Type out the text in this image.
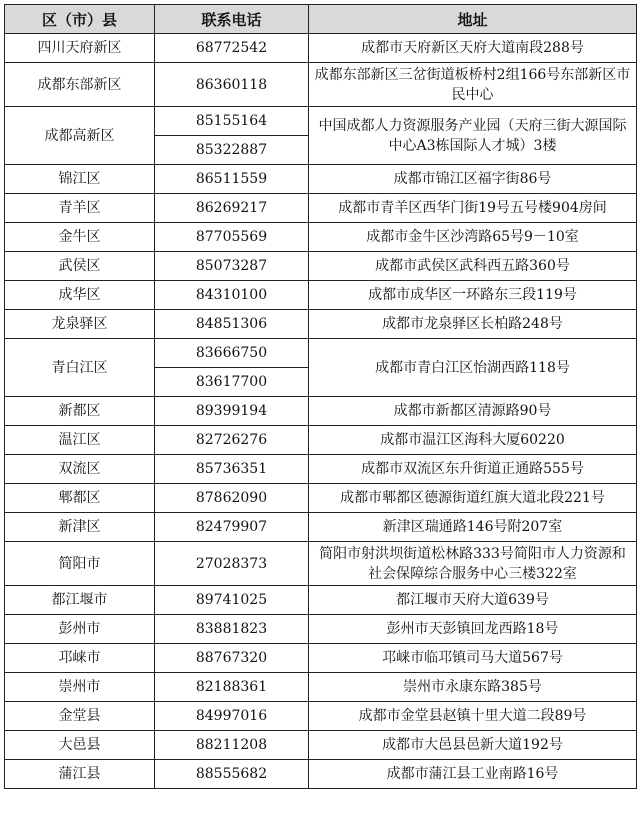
区（市）县	联系电话	地址
四川天府新区	68772542	成都市天府新区天府大道南段288号
成都东部新区	86360118	成都东部新区三岔街道板桥村2组166号东部新区市民中心
成都高新区	85155164	中国成都人力资源服务产业园（天府三街大源国际中心A3栋国际人才城）3楼
	85322887	
锦江区	86511559	成都市锦江区福字街86号
青羊区	86269217	成都市青羊区西华门街19号五号楼904房间
金牛区	87705569	成都市金牛区沙湾路65号9－10室
武侯区	85073287	成都市武侯区武科西五路360号
成华区	84310100	成都市成华区一环路东三段119号
龙泉驿区	84851306	成都市龙泉驿区长柏路248号
青白江区	83666750	成都市青白江区怡湖西路118号
	83617700	
新都区	89399194	成都市新都区清源路90号
温江区	82726276	成都市温江区海科大厦60220
双流区	85736351	成都市双流区东升街道正通路555号
郫都区	87862090	成都市郫都区德源街道红旗大道北段221号
新津区	82479907	新津区瑞通路146号附207室
简阳市	27028373	简阳市射洪坝街道松林路333号简阳市人力资源和社会保障综合服务中心三楼322室
都江堰市	89741025	都江堰市天府大道639号
彭州市	83881823	彭州市天彭镇回龙西路18号
邛崃市	88767320	邛崃市临邛镇司马大道567号
崇州市	82188361	崇州市永康东路385号
金堂县	84997016	成都市金堂县赵镇十里大道二段89号
大邑县	88211208	成都市大邑县邑新大道192号
蒲江县	88555682	成都市蒲江县工业南路16号
